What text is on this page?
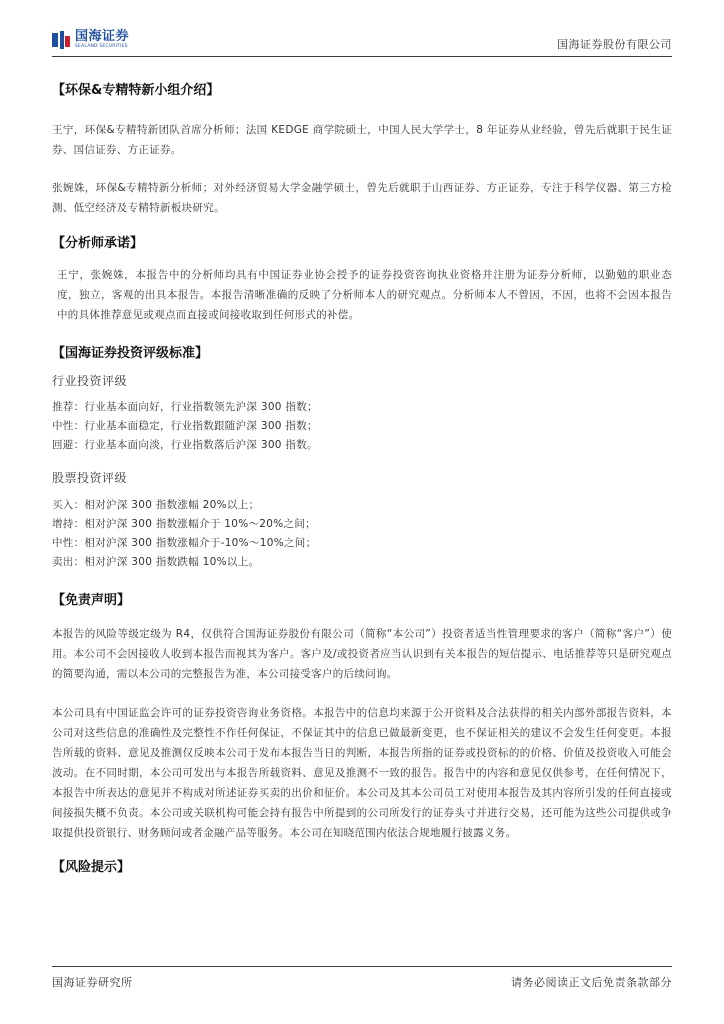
国海证券
SEALAND SECURITIES	国海证券股份有限公司

【环保&专精特新小组介绍】

王宁，环保&专精特新团队首席分析师；法国 KEDGE 商学院硕士，中国人民大学学士，8 年证券从业经验，曾先后就职于民生证券、国信证券、方正证券。

张婉姝，环保&专精特新分析师；对外经济贸易大学金融学硕士，曾先后就职于山西证券、方正证券，专注于科学仪器、第三方检测、低空经济及专精特新板块研究。

【分析师承诺】

王宁，张婉姝，本报告中的分析师均具有中国证券业协会授予的证券投资咨询执业资格并注册为证券分析师，以勤勉的职业态度，独立，客观的出具本报告。本报告清晰准确的反映了分析师本人的研究观点。分析师本人不曾因，不因，也将不会因本报告中的具体推荐意见或观点而直接或间接收取到任何形式的补偿。

【国海证券投资评级标准】

行业投资评级

推荐：行业基本面向好，行业指数领先沪深 300 指数；

中性：行业基本面稳定，行业指数跟随沪深 300 指数；

回避：行业基本面向淡，行业指数落后沪深 300 指数。

股票投资评级

买入：相对沪深 300 指数涨幅 20%以上；

增持：相对沪深 300 指数涨幅介于 10%～20%之间；

中性：相对沪深 300 指数涨幅介于-10%～10%之间；

卖出：相对沪深 300 指数跌幅 10%以上。

【免责声明】

本报告的风险等级定级为 R4，仅供符合国海证券股份有限公司（简称“本公司”）投资者适当性管理要求的客户（简称“客户”）使用。本公司不会因接收人收到本报告而视其为客户。客户及/或投资者应当认识到有关本报告的短信提示、电话推荐等只是研究观点的简要沟通，需以本公司的完整报告为准，本公司接受客户的后续问询。

本公司具有中国证监会许可的证券投资咨询业务资格。本报告中的信息均来源于公开资料及合法获得的相关内部外部报告资料，本公司对这些信息的准确性及完整性不作任何保证，不保证其中的信息已做最新变更，也不保证相关的建议不会发生任何变更。本报告所载的资料、意见及推测仅反映本公司于发布本报告当日的判断，本报告所指的证券或投资标的的价格、价值及投资收入可能会波动。在不同时期，本公司可发出与本报告所载资料、意见及推测不一致的报告。报告中的内容和意见仅供参考，在任何情况下，本报告中所表达的意见并不构成对所述证券买卖的出价和征价。本公司及其本公司员工对使用本报告及其内容所引发的任何直接或间接损失概不负责。本公司或关联机构可能会持有报告中所提到的公司所发行的证券头寸并进行交易，还可能为这些公司提供或争取提供投资银行、财务顾问或者金融产品等服务。本公司在知晓范围内依法合规地履行披露义务。

【风险提示】

国海证券研究所	请务必阅读正文后免责条款部分
